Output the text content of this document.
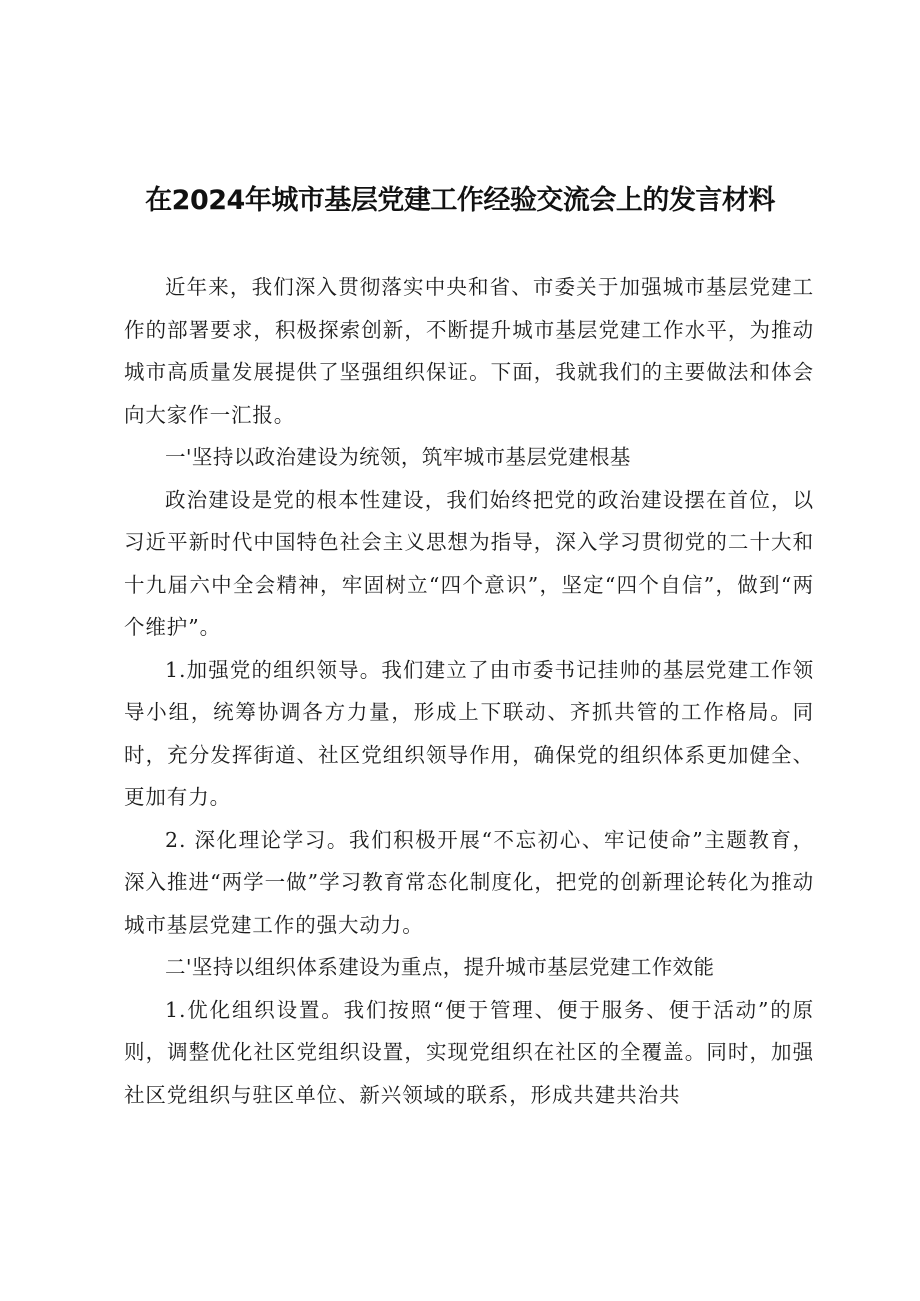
在2024年城市基层党建工作经验交流会上的发言材料

近年来，我们深入贯彻落实中央和省、市委关于加强城市基层党建工作的部署要求，积极探索创新，不断提升城市基层党建工作水平，为推动城市高质量发展提供了坚强组织保证。下面，我就我们的主要做法和体会向大家作一汇报。

一'坚持以政治建设为统领，筑牢城市基层党建根基

政治建设是党的根本性建设，我们始终把党的政治建设摆在首位，以习近平新时代中国特色社会主义思想为指导，深入学习贯彻党的二十大和十九届六中全会精神，牢固树立“四个意识”，坚定“四个自信”，做到“两个维护”。

1.加强党的组织领导。我们建立了由市委书记挂帅的基层党建工作领导小组，统筹协调各方力量，形成上下联动、齐抓共管的工作格局。同时，充分发挥街道、社区党组织领导作用，确保党的组织体系更加健全、更加有力。

2. 深化理论学习。我们积极开展“不忘初心、牢记使命”主题教育，深入推进“两学一做”学习教育常态化制度化，把党的创新理论转化为推动城市基层党建工作的强大动力。

二'坚持以组织体系建设为重点，提升城市基层党建工作效能

1.优化组织设置。我们按照“便于管理、便于服务、便于活动”的原则，调整优化社区党组织设置，实现党组织在社区的全覆盖。同时，加强社区党组织与驻区单位、新兴领域的联系，形成共建共治共
